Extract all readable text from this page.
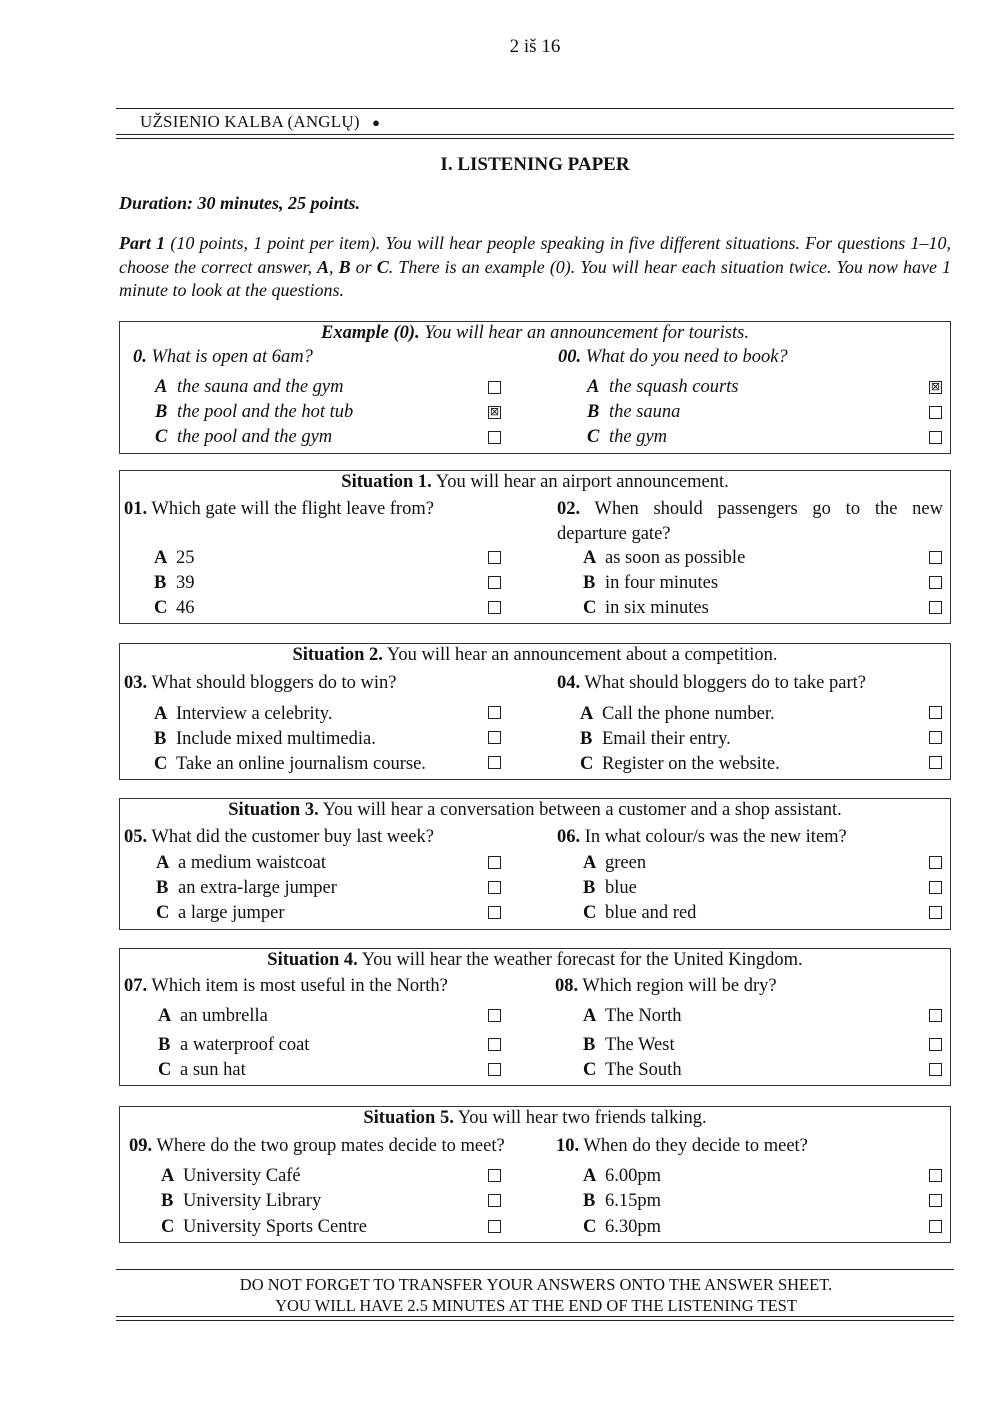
2 iš 16
UŽSIENIO KALBA (ANGLŲ) ●
I. LISTENING PAPER
Duration: 30 minutes, 25 points.
Part 1 (10 points, 1 point per item). You will hear people speaking in five different situations. For questions 1–10, choose the correct answer, A, B or C. There is an example (0). You will hear each situation twice. You now have 1 minute to look at the questions.
Example (0). You will hear an announcement for tourists.
0. What is open at 6am?	00. What do you need to book?
A the sauna and the gym
B the pool and the hot tub
C the pool and the gym
⊠
A the squash courts
B the sauna
C the gym
⊠
Situation 1. You will hear an airport announcement.
01. Which gate will the flight leave from?	02. When should passengers go to the new departure gate?
A 25
B 39
C 46
A as soon as possible
B in four minutes
C in six minutes
Situation 2. You will hear an announcement about a competition.
03. What should bloggers do to win?	04. What should bloggers do to take part?
A Interview a celebrity.
B Include mixed multimedia.
C Take an online journalism course.
A Call the phone number.
B Email their entry.
C Register on the website.
Situation 3. You will hear a conversation between a customer and a shop assistant.
05. What did the customer buy last week?	06. In what colour/s was the new item?
A a medium waistcoat
B an extra-large jumper
C a large jumper
A green
B blue
C blue and red
Situation 4. You will hear the weather forecast for the United Kingdom.
07. Which item is most useful in the North?	08. Which region will be dry?
A an umbrella
B a waterproof coat
C a sun hat
A The North
B The West
C The South
Situation 5. You will hear two friends talking.
09. Where do the two group mates decide to meet?	10. When do they decide to meet?
A University Café
B University Library
C University Sports Centre
A 6.00pm
B 6.15pm
C 6.30pm
DO NOT FORGET TO TRANSFER YOUR ANSWERS ONTO THE ANSWER SHEET.
YOU WILL HAVE 2.5 MINUTES AT THE END OF THE LISTENING TEST
